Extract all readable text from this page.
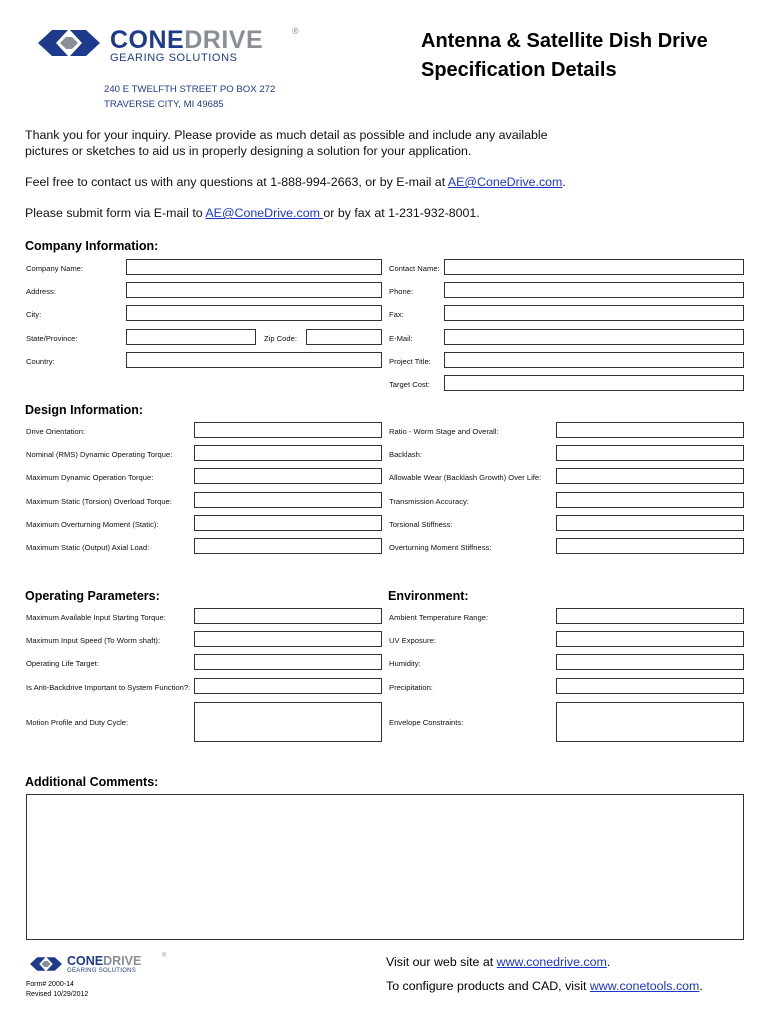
CONEDRIVE	®
GEARING SOLUTIONS
240 E TWELFTH STREET PO BOX 272
TRAVERSE CITY, MI 49685
Antenna & Satellite Dish Drive
Specification Details
Thank you for your inquiry. Please provide as much detail as possible and include any available
pictures or sketches to aid us in properly designing a solution for your application.
Feel free to contact us with any questions at 1-888-994-2663, or by E-mail at AE@ConeDrive.com.
Please submit form via E-mail to AE@ConeDrive.com or by fax at 1-231-932-8001.
Company Information:
Company Name:	Contact Name:
Address:	Phone:
City:	Fax:
State/Province:	Zip Code:	E-Mail:
Country:	Project Title:
Target Cost:
Design Information:
Drive Orientation:	Ratio - Worm Stage and Overall:
Nominal (RMS) Dynamic Operating Torque:	Backlash:
Maximum Dynamic Operation Torque:	Allowable Wear (Backlash Growth) Over Life:
Maximum Static (Torsion) Overload Torque:	Transmission Accuracy:
Maximum Overturning Moment (Static):	Torsional Stiffness:
Maximum Static (Output) Axial Load:	Overturning Moment Stiffness:
Operating Parameters:	Environment:
Maximum Available Input Starting Torque:	Ambient Temperature Range:
Maximum Input Speed (To Worm shaft):	UV Exposure:
Operating Life Target:	Humidity:
Is Anti-Backdrive Important to System Function?:	Precipitation:
Motion Profile and Duty Cycle:	Envelope Constraints:
Additional Comments:
CONEDRIVE	®
GEARING SOLUTIONS
Form# 2000-14
Revised 10/29/2012
Visit our web site at www.conedrive.com.
To configure products and CAD, visit www.conetools.com.
